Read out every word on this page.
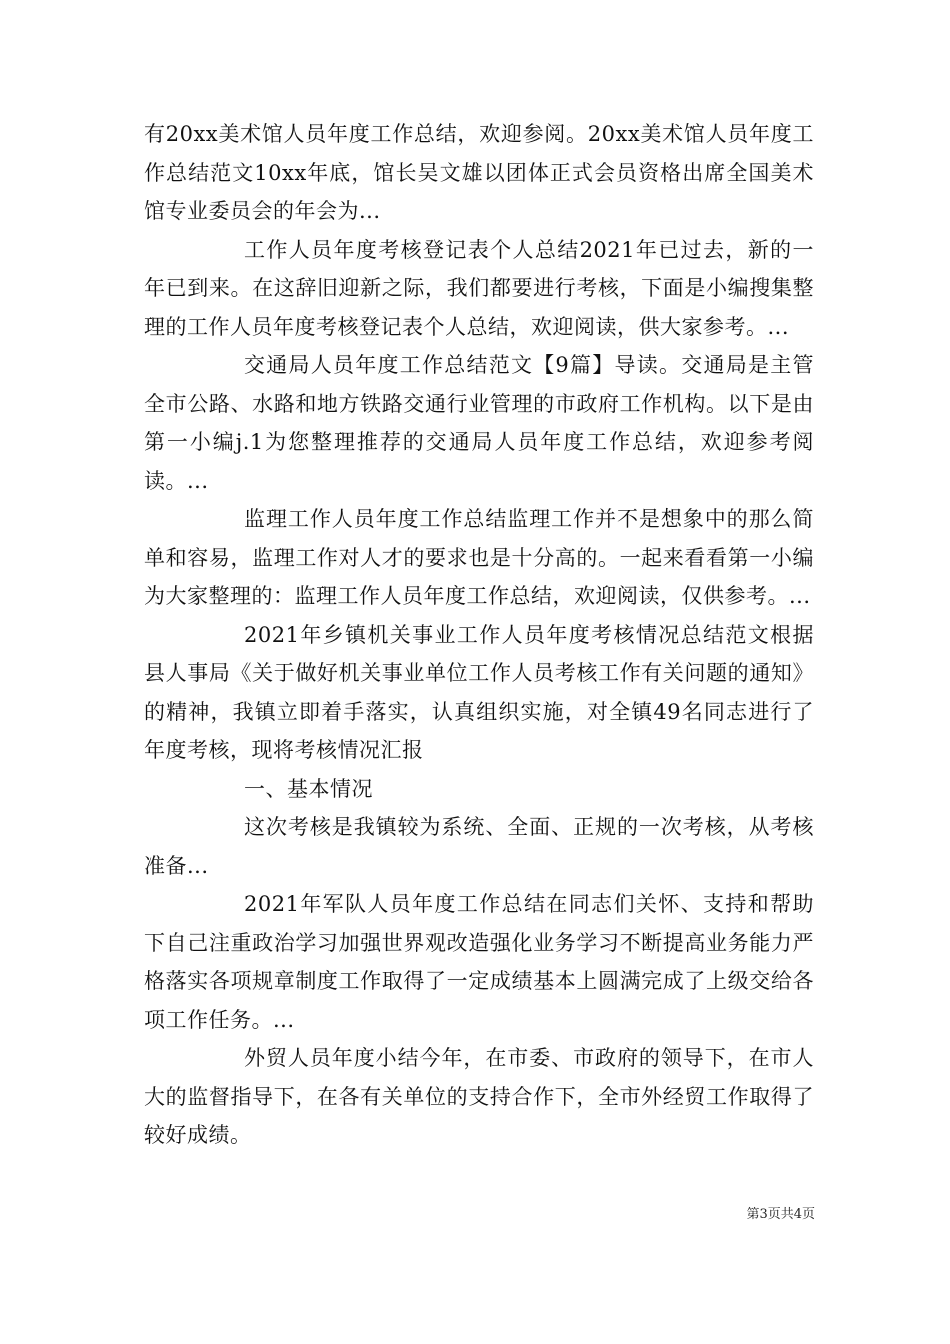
有20xx美术馆人员年度工作总结，欢迎参阅。20xx美术馆人员年度工作总结范文10xx年底，馆长吴文雄以团体正式会员资格出席全国美术馆专业委员会的年会为...

工作人员年度考核登记表个人总结2021年已过去，新的一年已到来。在这辞旧迎新之际，我们都要进行考核，下面是小编搜集整理的工作人员年度考核登记表个人总结，欢迎阅读，供大家参考。...

交通局人员年度工作总结范文【9篇】导读。交通局是主管全市公路、水路和地方铁路交通行业管理的市政府工作机构。以下是由第一小编j.1为您整理推荐的交通局人员年度工作总结，欢迎参考阅读。...

监理工作人员年度工作总结监理工作并不是想象中的那么简单和容易，监理工作对人才的要求也是十分高的。一起来看看第一小编为大家整理的：监理工作人员年度工作总结，欢迎阅读，仅供参考。...

2021年乡镇机关事业工作人员年度考核情况总结范文根据县人事局《关于做好机关事业单位工作人员考核工作有关问题的通知》的精神，我镇立即着手落实，认真组织实施，对全镇49名同志进行了年度考核，现将考核情况汇报

一、基本情况

这次考核是我镇较为系统、全面、正规的一次考核，从考核准备...

2021年军队人员年度工作总结在同志们关怀、支持和帮助下自己注重政治学习加强世界观改造强化业务学习不断提高业务能力严格落实各项规章制度工作取得了一定成绩基本上圆满完成了上级交给各项工作任务。...

外贸人员年度小结今年，在市委、市政府的领导下，在市人大的监督指导下，在各有关单位的支持合作下，全市外经贸工作取得了较好成绩。

第3页共4页
